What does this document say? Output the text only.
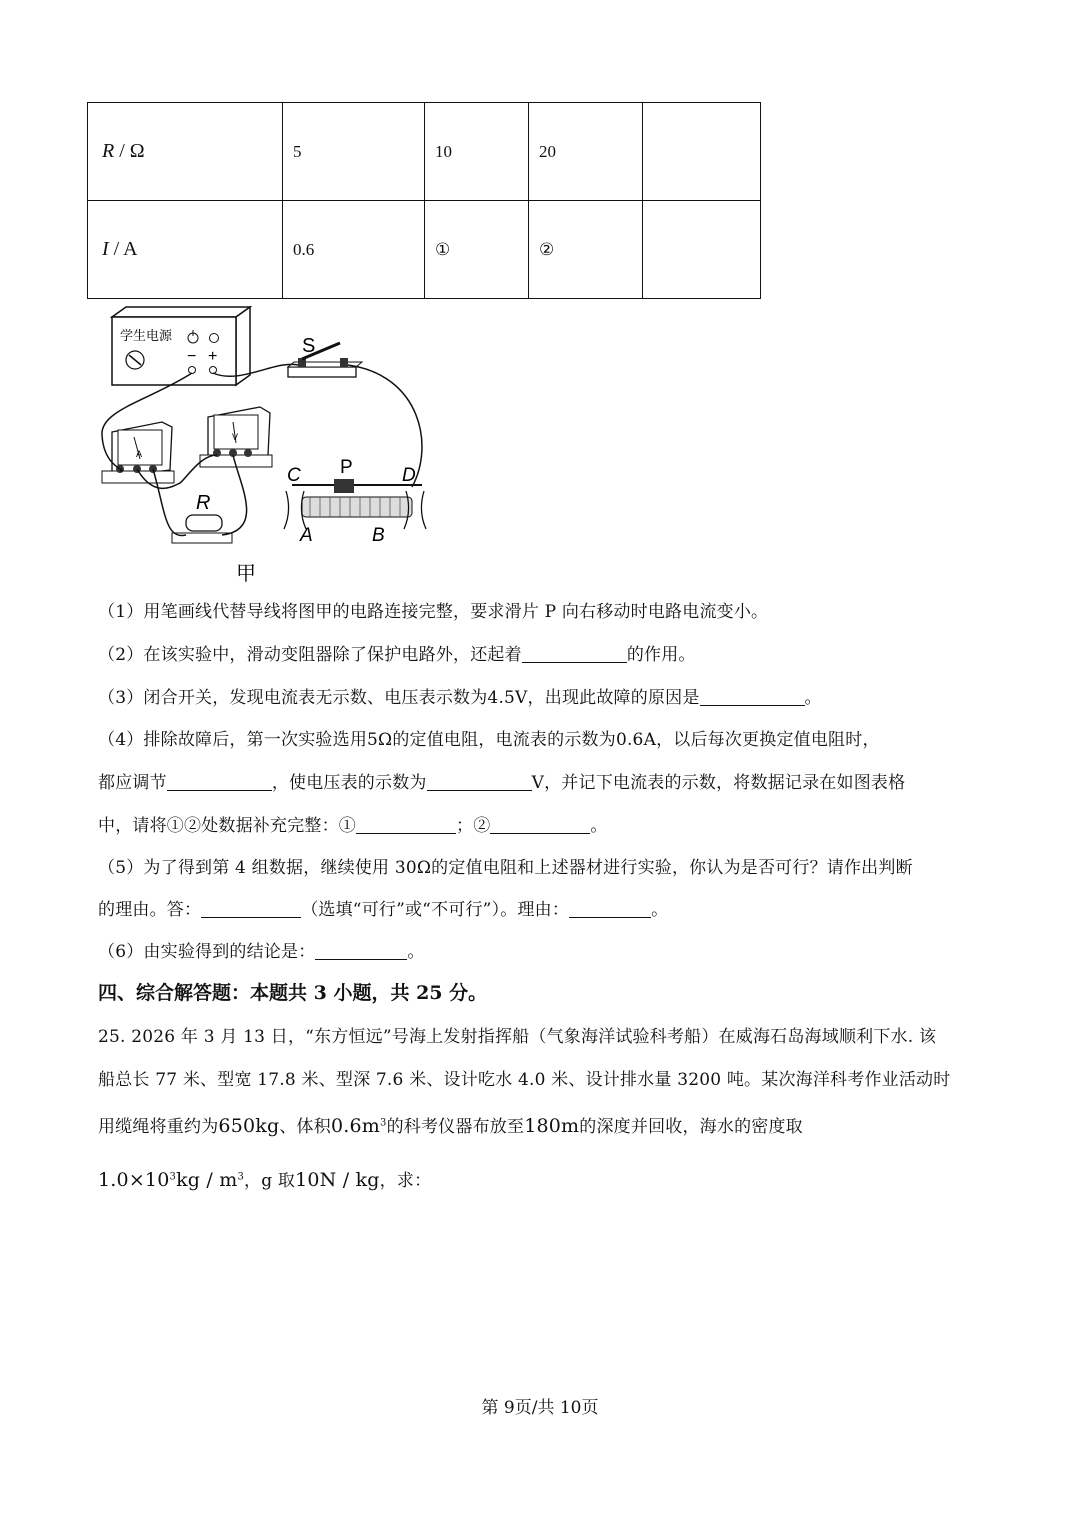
R / Ω	5	10	20	
I / A	0.6	①	②	
学生电源
− +	S
A
V
R
C P	D
A	B
甲
（1）用笔画线代替导线将图甲的电路连接完整，要求滑片 P 向右移动时电路电流变小。
（2）在该实验中，滑动变阻器除了保护电路外，还起着	的作用。
（3）闭合开关，发现电流表无示数、电压表示数为4.5V，出现此故障的原因是	。
（4）排除故障后，第一次实验选用5Ω的定值电阻，电流表的示数为0.6A，以后每次更换定值电阻时，
都应调节	，使电压表的示数为	V，并记下电流表的示数，将数据记录在如图表格
中，请将①②处数据补充完整：①	；②	。
（5）为了得到第 4 组数据，继续使用 30Ω的定值电阻和上述器材进行实验，你认为是否可行？请作出判断
的理由。答：	（选填“可行”或“不可行”）。理由：	。
（6）由实验得到的结论是：	。
四、综合解答题：本题共 3 小题，共 25 分。
25. 2026 年 3 月 13 日，“东方恒远”号海上发射指挥船（气象海洋试验科考船）在威海石岛海域顺利下水. 该
船总长 77 米、型宽 17.8 米、型深 7.6 米、设计吃水 4.0 米、设计排水量 3200 吨。某次海洋科考作业活动时
用缆绳将重约为650kg、体积$0.6m^3$的科考仪器布放至180m的深度并回收，海水的密度取
$1.0\times 10^3kg / m^3$，g 取10N / kg，求：
第 9页/共 10页
